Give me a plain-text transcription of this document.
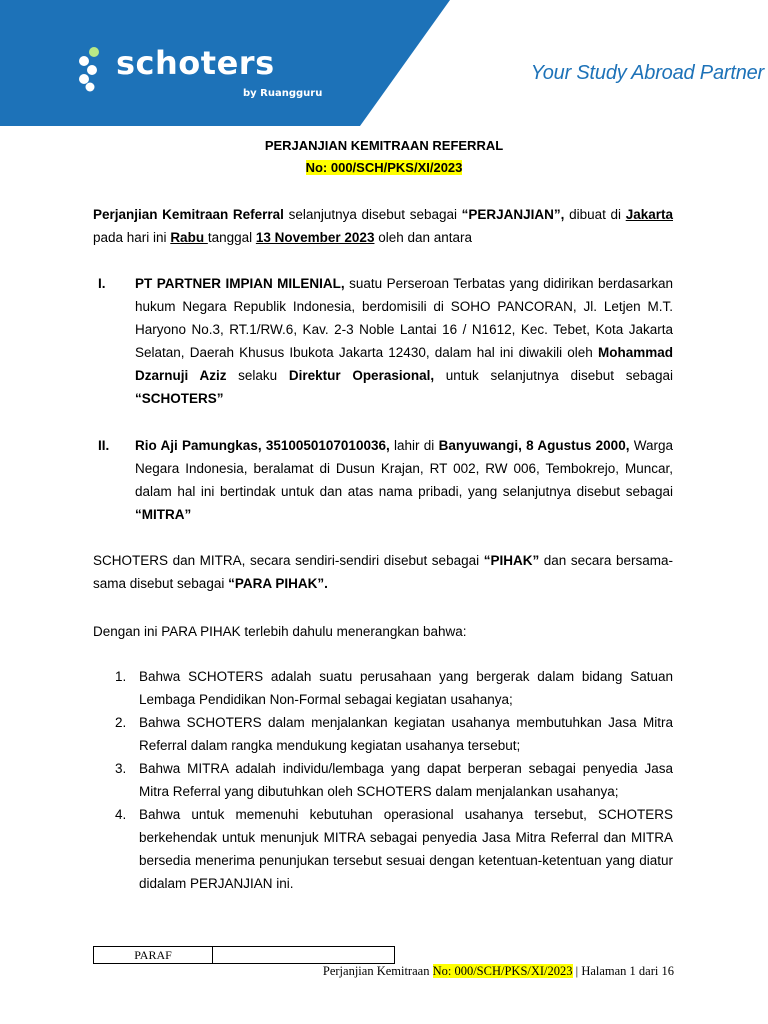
schoters
by Ruangguru
Your Study Abroad Partner
PERJANJIAN KEMITRAAN REFERRAL
No: 000/SCH/PKS/XI/2023

Perjanjian Kemitraan Referral selanjutnya disebut sebagai “PERJANJIAN”, dibuat di Jakarta pada hari ini Rabu tanggal 13 November 2023 oleh dan antara

I. PT PARTNER IMPIAN MILENIAL, suatu Perseroan Terbatas yang didirikan berdasarkan hukum Negara Republik Indonesia, berdomisili di SOHO PANCORAN, Jl. Letjen M.T. Haryono No.3, RT.1/RW.6, Kav. 2-3 Noble Lantai 16 / N1612, Kec. Tebet, Kota Jakarta Selatan, Daerah Khusus Ibukota Jakarta 12430, dalam hal ini diwakili oleh Mohammad Dzarnuji Aziz selaku Direktur Operasional, untuk selanjutnya disebut sebagai “SCHOTERS”

II. Rio Aji Pamungkas, 3510050107010036, lahir di Banyuwangi, 8 Agustus 2000, Warga Negara Indonesia, beralamat di Dusun Krajan, RT 002, RW 006, Tembokrejo, Muncar, dalam hal ini bertindak untuk dan atas nama pribadi, yang selanjutnya disebut sebagai “MITRA”

SCHOTERS dan MITRA, secara sendiri-sendiri disebut sebagai “PIHAK” dan secara bersama-sama disebut sebagai “PARA PIHAK”.

Dengan ini PARA PIHAK terlebih dahulu menerangkan bahwa:

1. Bahwa SCHOTERS adalah suatu perusahaan yang bergerak dalam bidang Satuan Lembaga Pendidikan Non-Formal sebagai kegiatan usahanya;

2. Bahwa SCHOTERS dalam menjalankan kegiatan usahanya membutuhkan Jasa Mitra Referral dalam rangka mendukung kegiatan usahanya tersebut;

3. Bahwa MITRA adalah individu/lembaga yang dapat berperan sebagai penyedia Jasa Mitra Referral yang dibutuhkan oleh SCHOTERS dalam menjalankan usahanya;

4. Bahwa untuk memenuhi kebutuhan operasional usahanya tersebut, SCHOTERS berkehendak untuk menunjuk MITRA sebagai penyedia Jasa Mitra Referral dan MITRA bersedia menerima penunjukan tersebut sesuai dengan ketentuan-ketentuan yang diatur didalam PERJANJIAN ini.

PARAF
Perjanjian Kemitraan No: 000/SCH/PKS/XI/2023 | Halaman 1 dari 16
